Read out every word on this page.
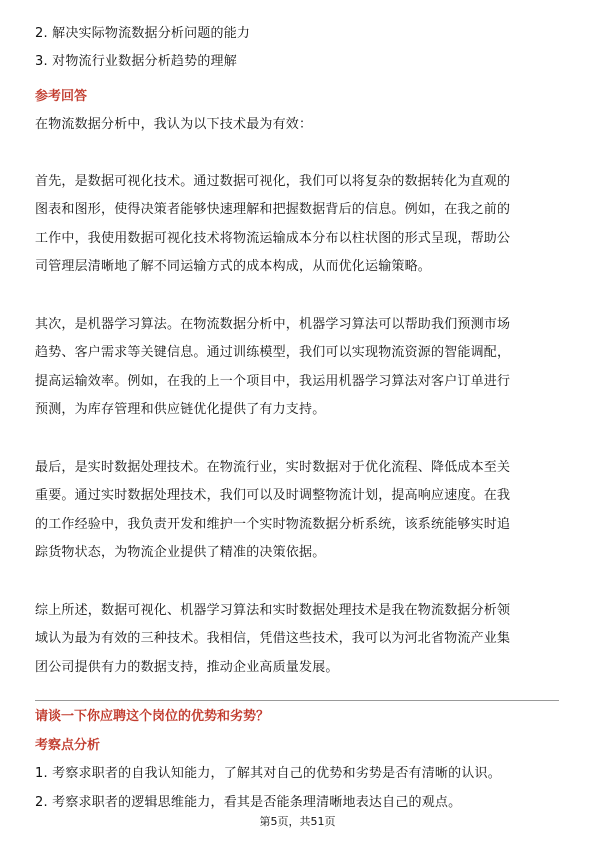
2. 解决实际物流数据分析问题的能力
3. 对物流行业数据分析趋势的理解
参考回答
在物流数据分析中，我认为以下技术最为有效：
首先，是数据可视化技术。通过数据可视化，我们可以将复杂的数据转化为直观的
图表和图形，使得决策者能够快速理解和把握数据背后的信息。例如，在我之前的
工作中，我使用数据可视化技术将物流运输成本分布以柱状图的形式呈现，帮助公
司管理层清晰地了解不同运输方式的成本构成，从而优化运输策略。
其次，是机器学习算法。在物流数据分析中，机器学习算法可以帮助我们预测市场
趋势、客户需求等关键信息。通过训练模型，我们可以实现物流资源的智能调配，
提高运输效率。例如，在我的上一个项目中，我运用机器学习算法对客户订单进行
预测，为库存管理和供应链优化提供了有力支持。
最后，是实时数据处理技术。在物流行业，实时数据对于优化流程、降低成本至关
重要。通过实时数据处理技术，我们可以及时调整物流计划，提高响应速度。在我
的工作经验中，我负责开发和维护一个实时物流数据分析系统，该系统能够实时追
踪货物状态，为物流企业提供了精准的决策依据。
综上所述，数据可视化、机器学习算法和实时数据处理技术是我在物流数据分析领
域认为最为有效的三种技术。我相信，凭借这些技术，我可以为河北省物流产业集
团公司提供有力的数据支持，推动企业高质量发展。
请谈一下你应聘这个岗位的优势和劣势？
考察点分析
1. 考察求职者的自我认知能力，了解其对自己的优势和劣势是否有清晰的认识。
2. 考察求职者的逻辑思维能力，看其是否能条理清晰地表达自己的观点。
第5页，共51页
